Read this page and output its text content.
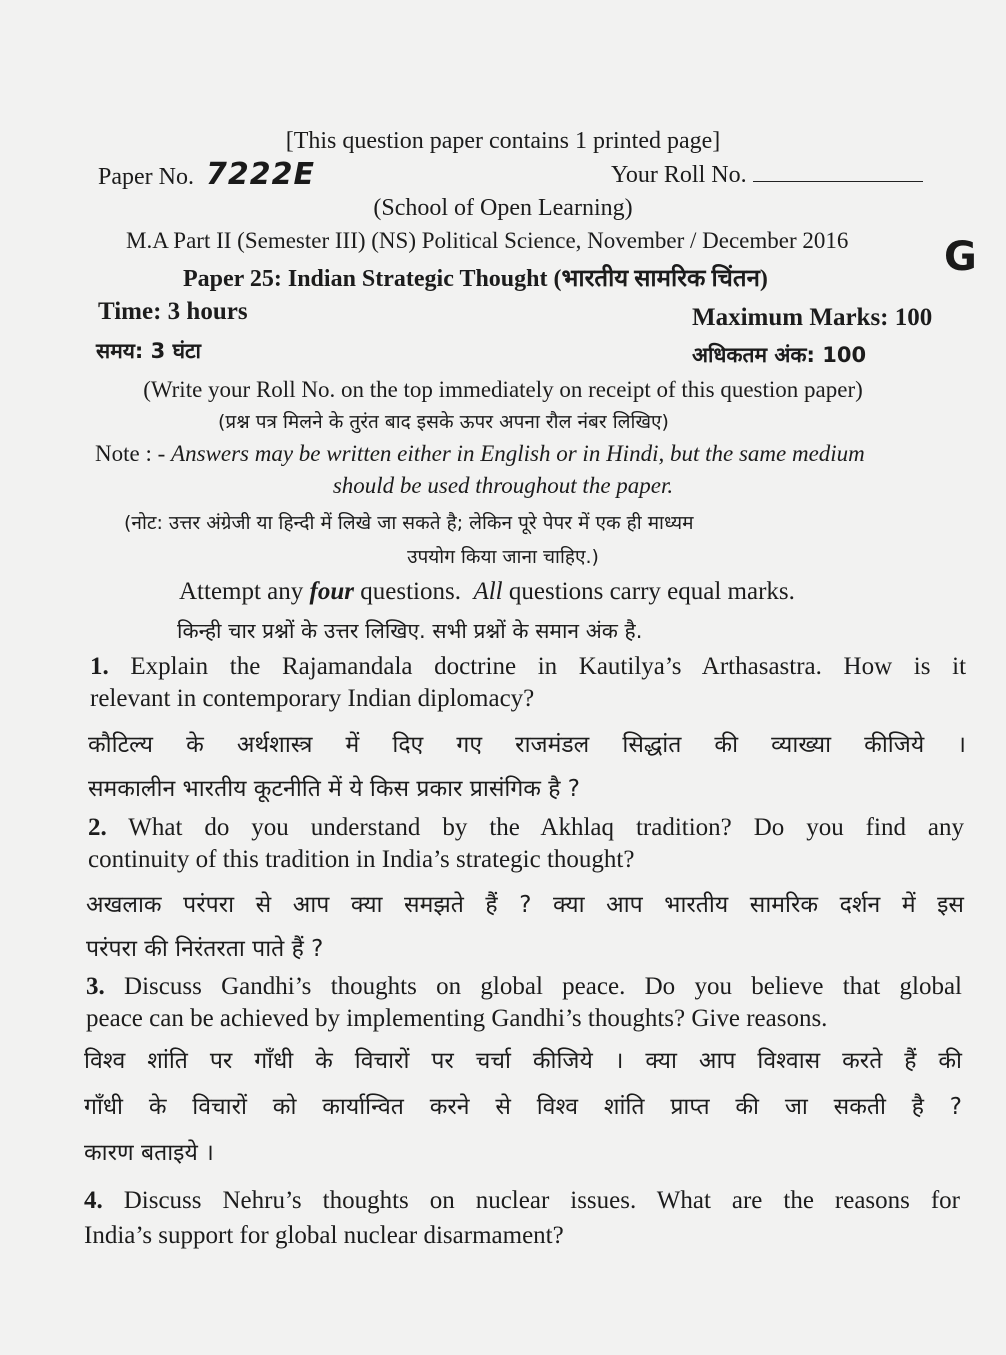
[This question paper contains 1 printed page]
Paper No. 7222E	Your Roll No.
(School of Open Learning)
M.A Part II (Semester III) (NS) Political Science, November / December 2016 G
Paper 25: Indian Strategic Thought (भारतीय सामरिक चिंतन)
Time: 3 hours
समय: 3 घंटा
Maximum Marks: 100
अधिकतम अंक: 100
(Write your Roll No. on the top immediately on receipt of this question paper)
(प्रश्न पत्र मिलने के तुरंत बाद इसके ऊपर अपना रौल नंबर लिखिए)
Note : - Answers may be written either in English or in Hindi, but the same medium
should be used throughout the paper.
(नोट: उत्तर अंग्रेजी या हिन्दी में लिखे जा सकते है; लेकिन पूरे पेपर में एक ही माध्यम
उपयोग किया जाना चाहिए.)
Attempt any four questions. All questions carry equal marks.
किन्ही चार प्रश्नों के उत्तर लिखिए. सभी प्रश्नों के समान अंक है.
1. Explain the Rajamandala doctrine in Kautilya’s Arthasastra. How is it
relevant in contemporary Indian diplomacy?
कौटिल्य के अर्थशास्त्र में दिए गए राजमंडल सिद्धांत की व्याख्या कीजिये ।
समकालीन भारतीय कूटनीति में ये किस प्रकार प्रासंगिक है ?
2. What do you understand by the Akhlaq tradition? Do you find any
continuity of this tradition in India’s strategic thought?
अखलाक परंपरा से आप क्या समझते हैं ? क्या आप भारतीय सामरिक दर्शन में इस
परंपरा की निरंतरता पाते हैं ?
3. Discuss Gandhi’s thoughts on global peace. Do you believe that global
peace can be achieved by implementing Gandhi’s thoughts? Give reasons.
विश्व शांति पर गाँधी के विचारों पर चर्चा कीजिये । क्या आप विश्वास करते हैं की
गाँधी के विचारों को कार्यान्वित करने से विश्व शांति प्राप्त की जा सकती है ?
कारण बताइये ।
4. Discuss Nehru’s thoughts on nuclear issues. What are the reasons for
India’s support for global nuclear disarmament?
